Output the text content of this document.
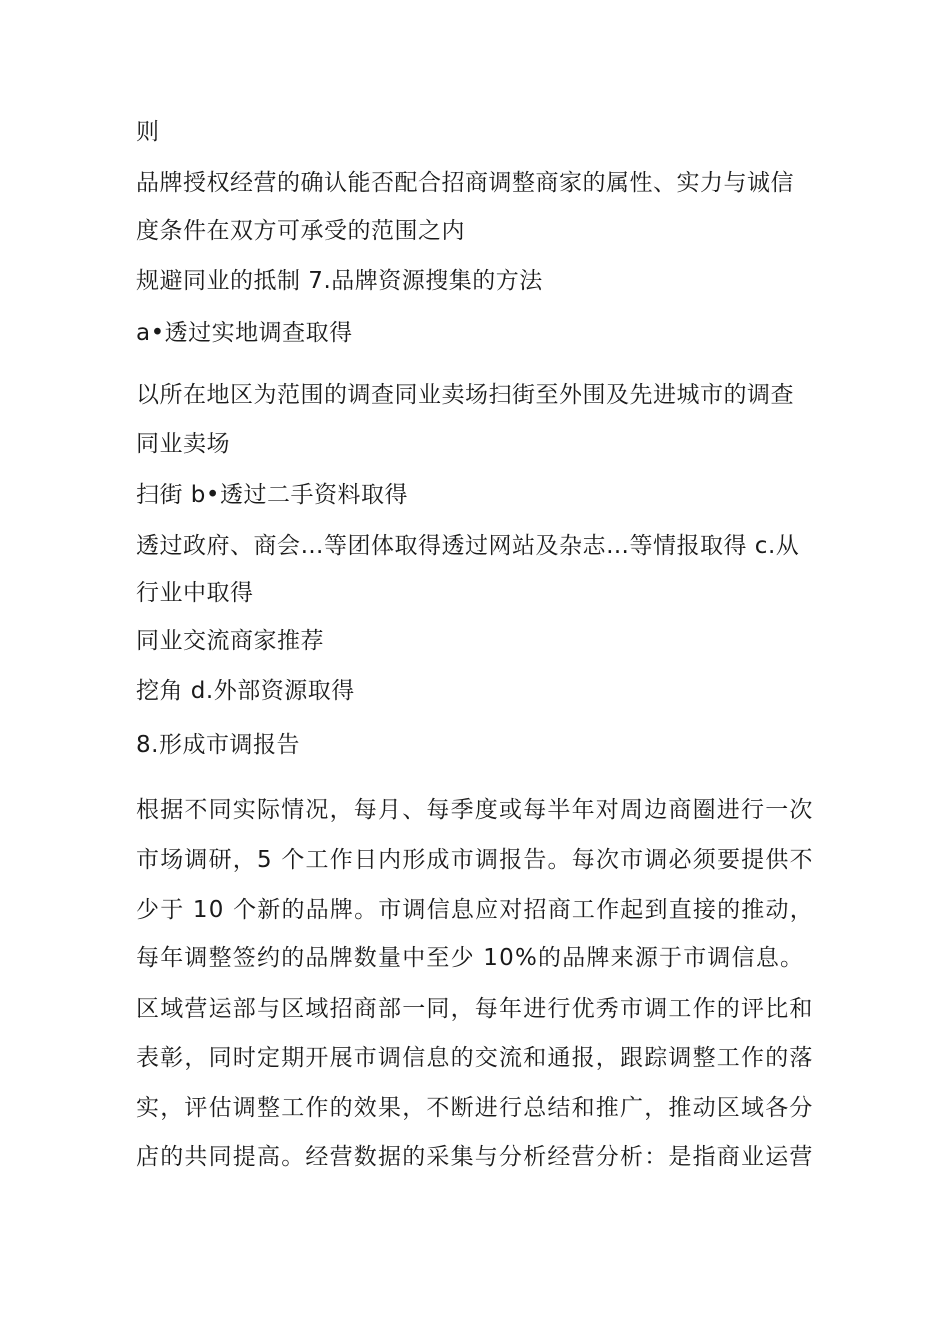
则
品牌授权经营的确认能否配合招商调整商家的属性、实力与诚信
度条件在双方可承受的范围之内
规避同业的抵制 7.品牌资源搜集的方法
a•透过实地调查取得
以所在地区为范围的调查同业卖场扫街至外围及先进城市的调查
同业卖场
扫街 b•透过二手资料取得
透过政府、商会…等团体取得透过网站及杂志…等情报取得 c.从
行业中取得
同业交流商家推荐
挖角 d.外部资源取得
8.形成市调报告
根据不同实际情况，每月、每季度或每半年对周边商圈进行一次
市场调研，5 个工作日内形成市调报告。每次市调必须要提供不
少于 10 个新的品牌。市调信息应对招商工作起到直接的推动，
每年调整签约的品牌数量中至少 10%的品牌来源于市调信息。
区域营运部与区域招商部一同，每年进行优秀市调工作的评比和
表彰，同时定期开展市调信息的交流和通报，跟踪调整工作的落
实，评估调整工作的效果，不断进行总结和推广，推动区域各分
店的共同提高。经营数据的采集与分析经营分析：是指商业运营
